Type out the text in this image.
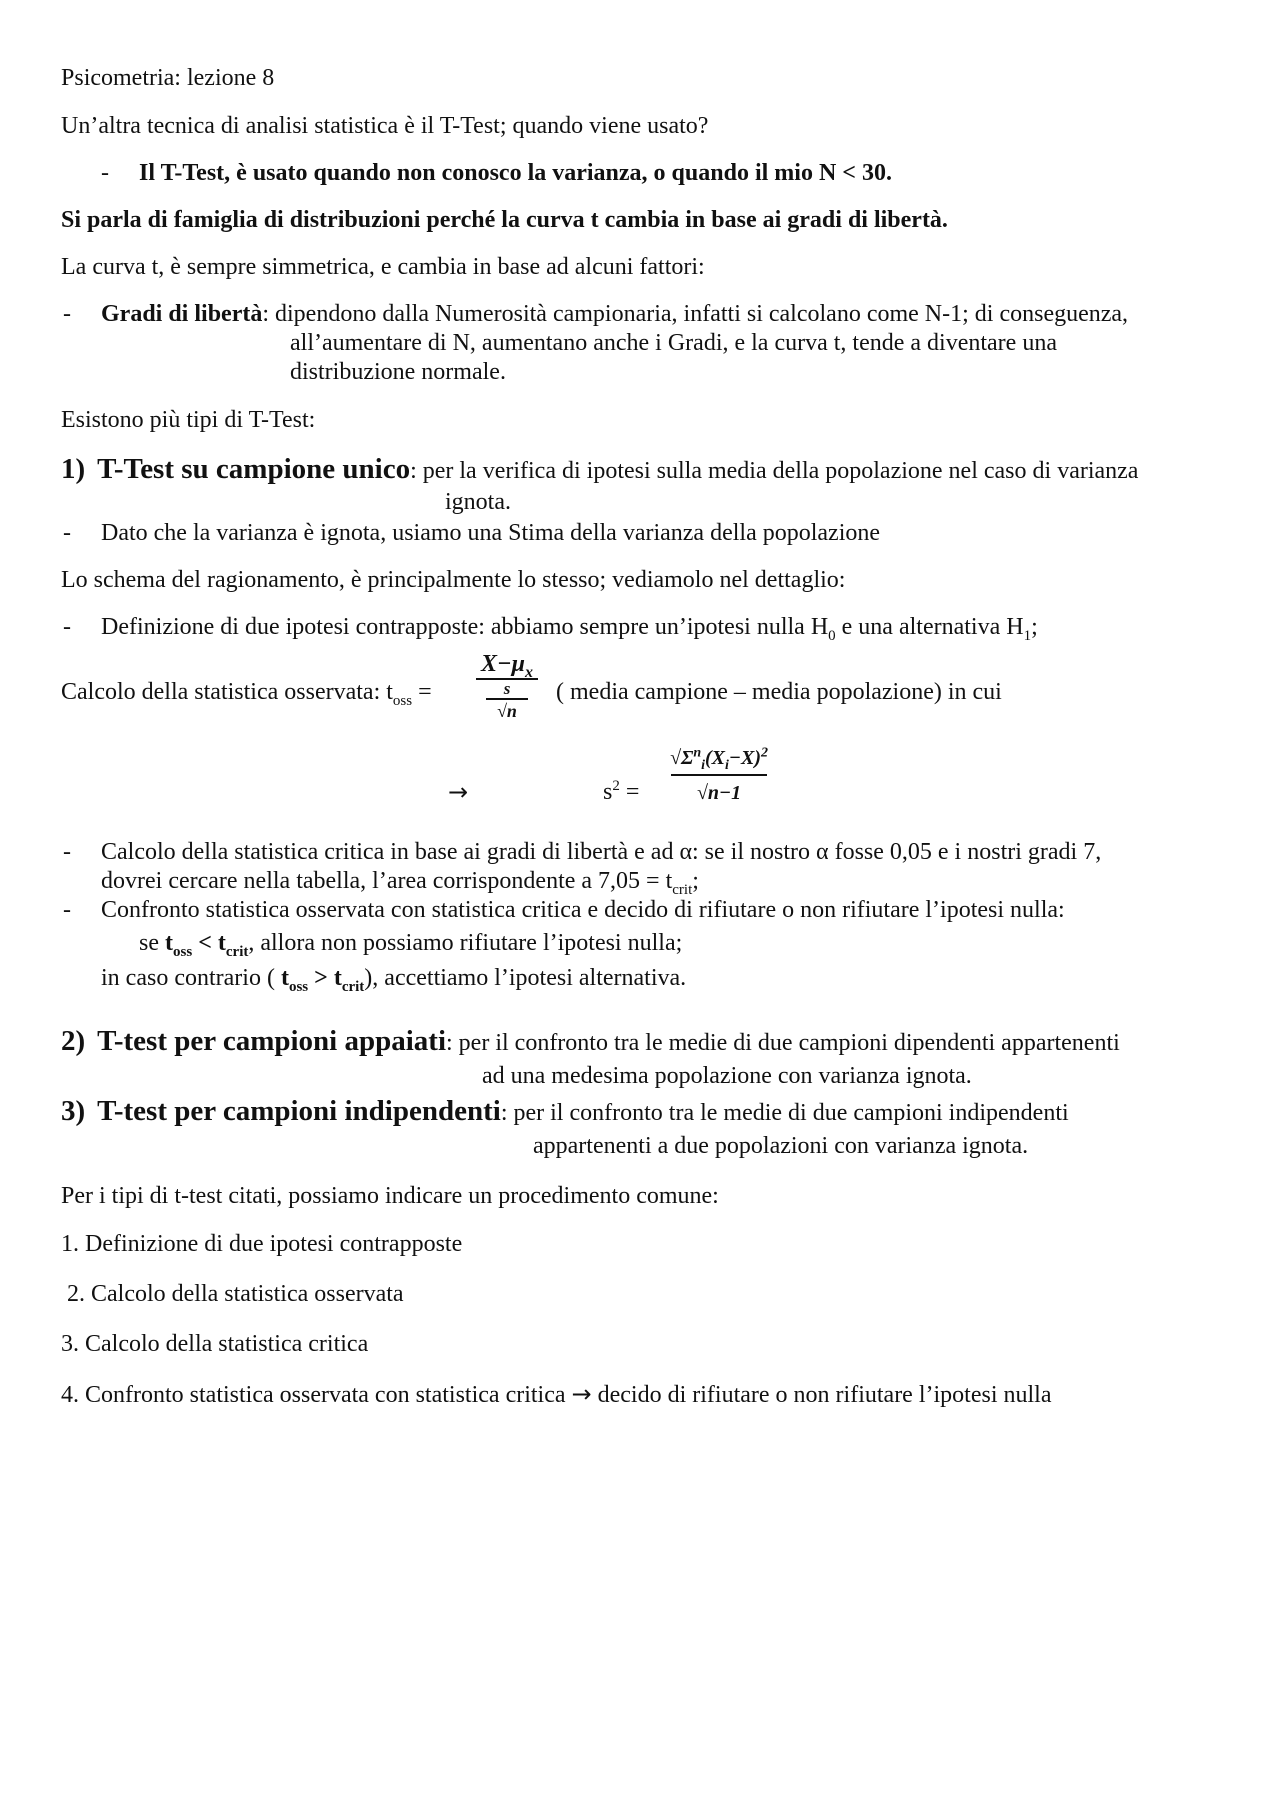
Psicometria: lezione 8
Un’altra tecnica di analisi statistica è il T-Test; quando viene usato?
- Il T-Test, è usato quando non conosco la varianza, o quando il mio N < 30.
Si parla di famiglia di distribuzioni perché la curva t cambia in base ai gradi di libertà.
La curva t, è sempre simmetrica, e cambia in base ad alcuni fattori:
- Gradi di libertà: dipendono dalla Numerosità campionaria, infatti si calcolano come N-1; di conseguenza,
all’aumentare di N, aumentano anche i Gradi, e la curva t, tende a diventare una
distribuzione normale.
Esistono più tipi di T-Test:
1) T-Test su campione unico: per la verifica di ipotesi sulla media della popolazione nel caso di varianza
ignota.
- Dato che la varianza è ignota, usiamo una Stima della varianza della popolazione
Lo schema del ragionamento, è principalmente lo stesso; vediamolo nel dettaglio:
- Definizione di due ipotesi contrapposte: abbiamo sempre un’ipotesi nulla $H_0$ e una alternativa $H_1$;
Calcolo della statistica osservata: $t_{oss}$ =
$X-\mu_x$
s
√n
( media campione – media popolazione) in cui
→	$s^2$ =
$√\Sigma^n_i(X_i-X)^2$
√n−1
- Calcolo della statistica critica in base ai gradi di libertà e ad α: se il nostro α fosse 0,05 e i nostri gradi 7,
dovrei cercare nella tabella, l’area corrispondente a $7,05 = t_{crit}$;
- Confronto statistica osservata con statistica critica e decido di rifiutare o non rifiutare l’ipotesi nulla:
se $t_{oss} < t_{crit}$, allora non possiamo rifiutare l’ipotesi nulla;
in caso contrario ( $t_{oss} > t_{crit}$), accettiamo l’ipotesi alternativa.
2) T-test per campioni appaiati: per il confronto tra le medie di due campioni dipendenti appartenenti
ad una medesima popolazione con varianza ignota.
3) T-test per campioni indipendenti: per il confronto tra le medie di due campioni indipendenti
appartenenti a due popolazioni con varianza ignota.
Per i tipi di t-test citati, possiamo indicare un procedimento comune:
1. Definizione di due ipotesi contrapposte
2. Calcolo della statistica osservata
3. Calcolo della statistica critica
4. Confronto statistica osservata con statistica critica → decido di rifiutare o non rifiutare l’ipotesi nulla
